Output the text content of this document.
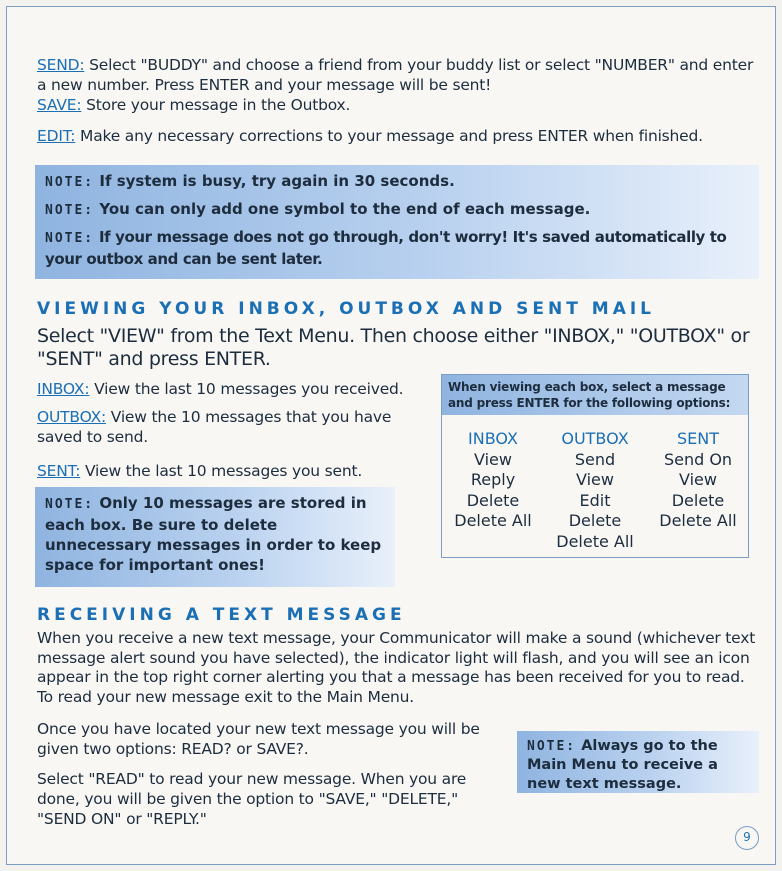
SEND: Select "BUDDY" and choose a friend from your buddy list or select "NUMBER" and enter a new number. Press ENTER and your message will be sent!

SAVE: Store your message in the Outbox.

EDIT: Make any necessary corrections to your message and press ENTER when finished.

NOTE: If system is busy, try again in 30 seconds.
NOTE: You can only add one symbol to the end of each message.
NOTE: If your message does not go through, don't worry! It's saved automatically to your outbox and can be sent later.
VIEWING YOUR INBOX, OUTBOX AND SENT MAIL

Select "VIEW" from the Text Menu. Then choose either "INBOX," "OUTBOX" or "SENT" and press ENTER.

INBOX: View the last 10 messages you received.

OUTBOX: View the 10 messages that you have saved to send.

SENT: View the last 10 messages you sent.

NOTE: Only 10 messages are stored in each box. Be sure to delete unnecessary messages in order to keep space for important ones!
When viewing each box, select a message and press ENTER for the following options:
INBOX
View
Reply
Delete
Delete All
OUTBOX
Send
View
Edit
Delete
Delete All
SENT
Send On
View
Delete
Delete All
RECEIVING A TEXT MESSAGE

When you receive a new text message, your Communicator will make a sound (whichever text message alert sound you have selected), the indicator light will flash, and you will see an icon appear in the top right corner alerting you that a message has been received for you to read. To read your new message exit to the Main Menu.

Once you have located your new text message you will be given two options: READ? or SAVE?.

Select "READ" to read your new message. When you are done, you will be given the option to "SAVE," "DELETE," "SEND ON" or "REPLY."

NOTE: Always go to the Main Menu to receive a new text message.
9
